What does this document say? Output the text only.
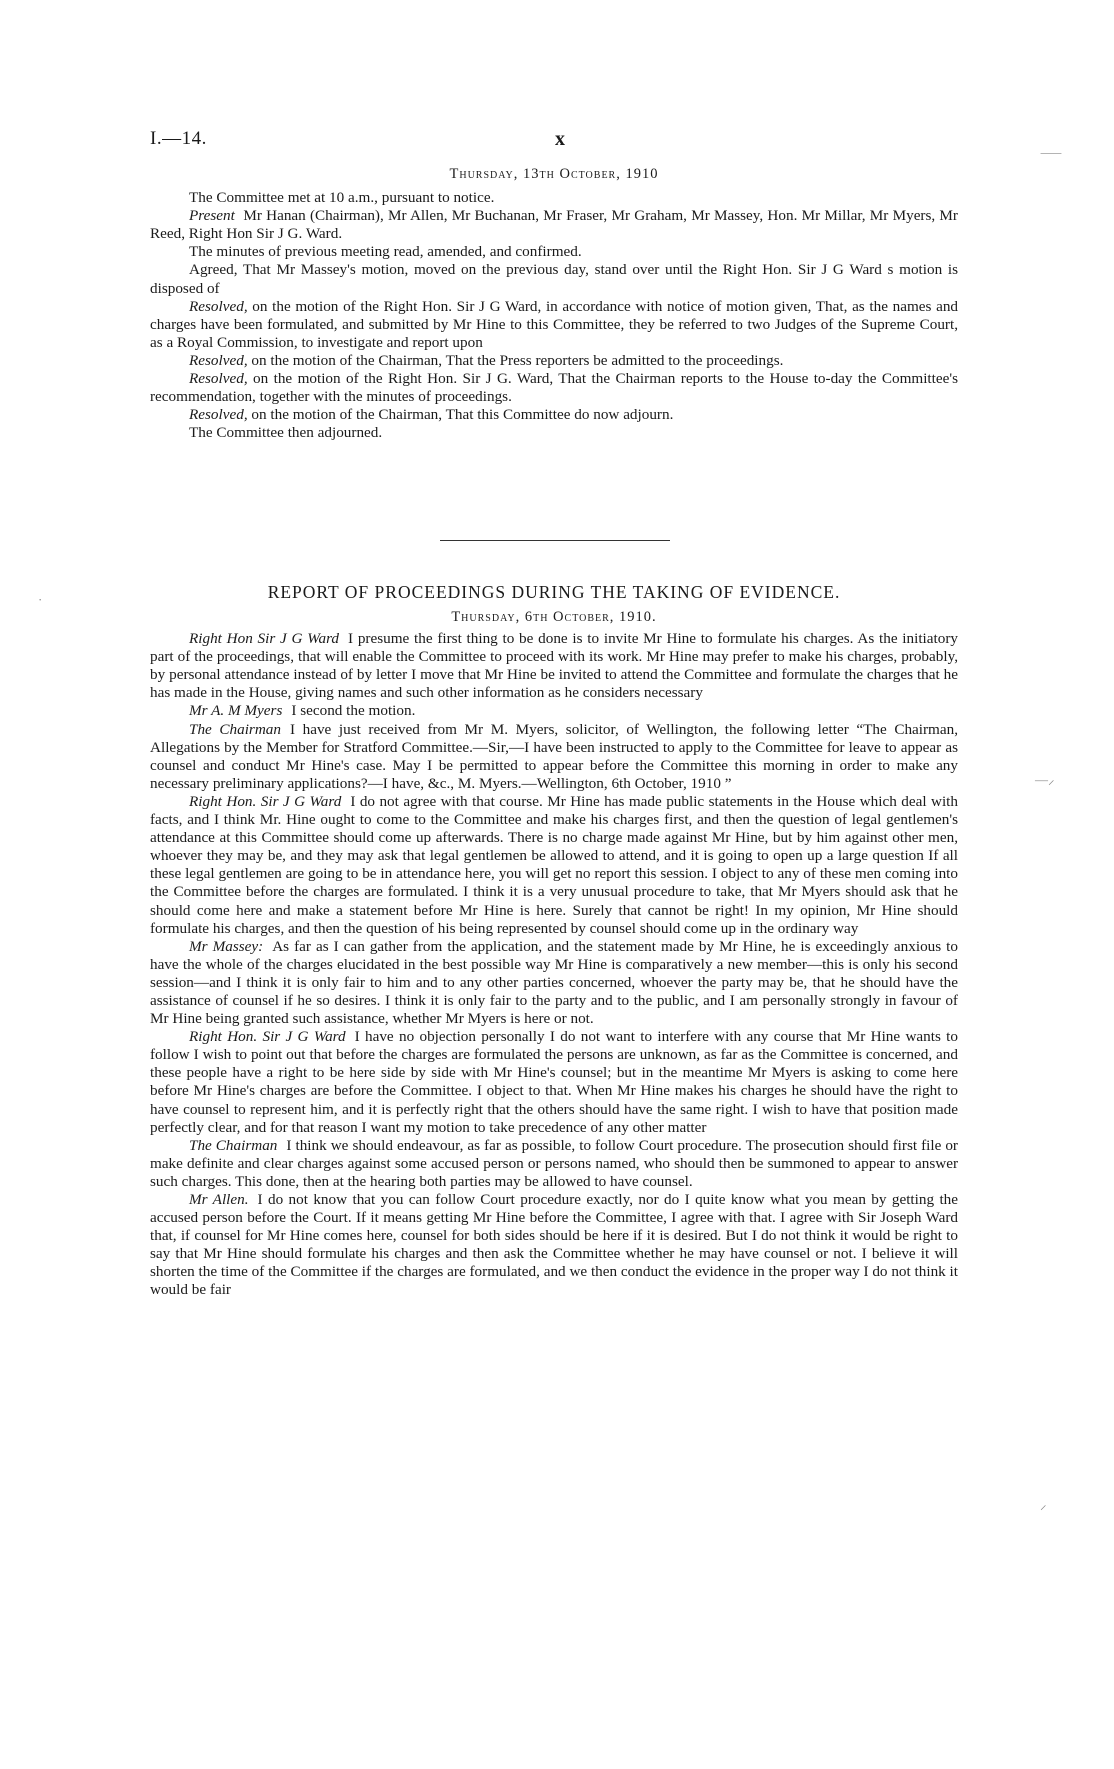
I.—14.	x

Thursday, 13th October, 1910

The Committee met at 10 a.m., pursuant to notice.

Present Mr Hanan (Chairman), Mr Allen, Mr Buchanan, Mr Fraser, Mr Graham, Mr Massey, Hon. Mr Millar, Mr Myers, Mr Reed, Right Hon Sir J G. Ward.

The minutes of previous meeting read, amended, and confirmed.

Agreed, That Mr Massey's motion, moved on the previous day, stand over until the Right Hon. Sir J G Ward s motion is disposed of

Resolved, on the motion of the Right Hon. Sir J G Ward, in accordance with notice of motion given, That, as the names and charges have been formulated, and submitted by Mr Hine to this Committee, they be referred to two Judges of the Supreme Court, as a Royal Commission, to investigate and report upon

Resolved, on the motion of the Chairman, That the Press reporters be admitted to the proceedings.

Resolved, on the motion of the Right Hon. Sir J G. Ward, That the Chairman reports to the House to-day the Committee's recommendation, together with the minutes of proceedings.

Resolved, on the motion of the Chairman, That this Committee do now adjourn.

The Committee then adjourned.

REPORT OF PROCEEDINGS DURING THE TAKING OF EVIDENCE.

Thursday, 6th October, 1910.

Right Hon Sir J G Ward I presume the first thing to be done is to invite Mr Hine to formulate his charges. As the initiatory part of the proceedings, that will enable the Committee to proceed with its work. Mr Hine may prefer to make his charges, probably, by personal attendance instead of by letter I move that Mr Hine be invited to attend the Committee and formulate the charges that he has made in the House, giving names and such other information as he considers necessary

Mr A. M Myers I second the motion.

The Chairman I have just received from Mr M. Myers, solicitor, of Wellington, the following letter “The Chairman, Allegations by the Member for Stratford Committee.—Sir,—I have been instructed to apply to the Committee for leave to appear as counsel and conduct Mr Hine's case. May I be permitted to appear before the Committee this morning in order to make any necessary preliminary applications?—I have, &c., M. Myers.—Wellington, 6th October, 1910 ”

Right Hon. Sir J G Ward I do not agree with that course. Mr Hine has made public statements in the House which deal with facts, and I think Mr. Hine ought to come to the Committee and make his charges first, and then the question of legal gentlemen's attendance at this Committee should come up afterwards. There is no charge made against Mr Hine, but by him against other men, whoever they may be, and they may ask that legal gentlemen be allowed to attend, and it is going to open up a large question If all these legal gentlemen are going to be in attendance here, you will get no report this session. I object to any of these men coming into the Committee before the charges are formulated. I think it is a very unusual procedure to take, that Mr Myers should ask that he should come here and make a statement before Mr Hine is here. Surely that cannot be right! In my opinion, Mr Hine should formulate his charges, and then the question of his being represented by counsel should come up in the ordinary way

Mr Massey: As far as I can gather from the application, and the statement made by Mr Hine, he is exceedingly anxious to have the whole of the charges elucidated in the best possible way Mr Hine is comparatively a new member—this is only his second session—and I think it is only fair to him and to any other parties concerned, whoever the party may be, that he should have the assistance of counsel if he so desires. I think it is only fair to the party and to the public, and I am personally strongly in favour of Mr Hine being granted such assistance, whether Mr Myers is here or not.

Right Hon. Sir J G Ward I have no objection personally I do not want to interfere with any course that Mr Hine wants to follow I wish to point out that before the charges are formulated the persons are unknown, as far as the Committee is concerned, and these people have a right to be here side by side with Mr Hine's counsel; but in the meantime Mr Myers is asking to come here before Mr Hine's charges are before the Committee. I object to that. When Mr Hine makes his charges he should have the right to have counsel to represent him, and it is perfectly right that the others should have the same right. I wish to have that position made perfectly clear, and for that reason I want my motion to take precedence of any other matter

The Chairman I think we should endeavour, as far as possible, to follow Court procedure. The prosecution should first file or make definite and clear charges against some accused person or persons named, who should then be summoned to appear to answer such charges. This done, then at the hearing both parties may be allowed to have counsel.

Mr Allen. I do not know that you can follow Court procedure exactly, nor do I quite know what you mean by getting the accused person before the Court. If it means getting Mr Hine before the Committee, I agree with that. I agree with Sir Joseph Ward that, if counsel for Mr Hine comes here, counsel for both sides should be here if it is desired. But I do not think it would be right to say that Mr Hine should formulate his charges and then ask the Committee whether he may have counsel or not. I believe it will shorten the time of the Committee if the charges are formulated, and we then conduct the evidence in the proper way I do not think it would be fair

⸺
—⸝
⸝
·
